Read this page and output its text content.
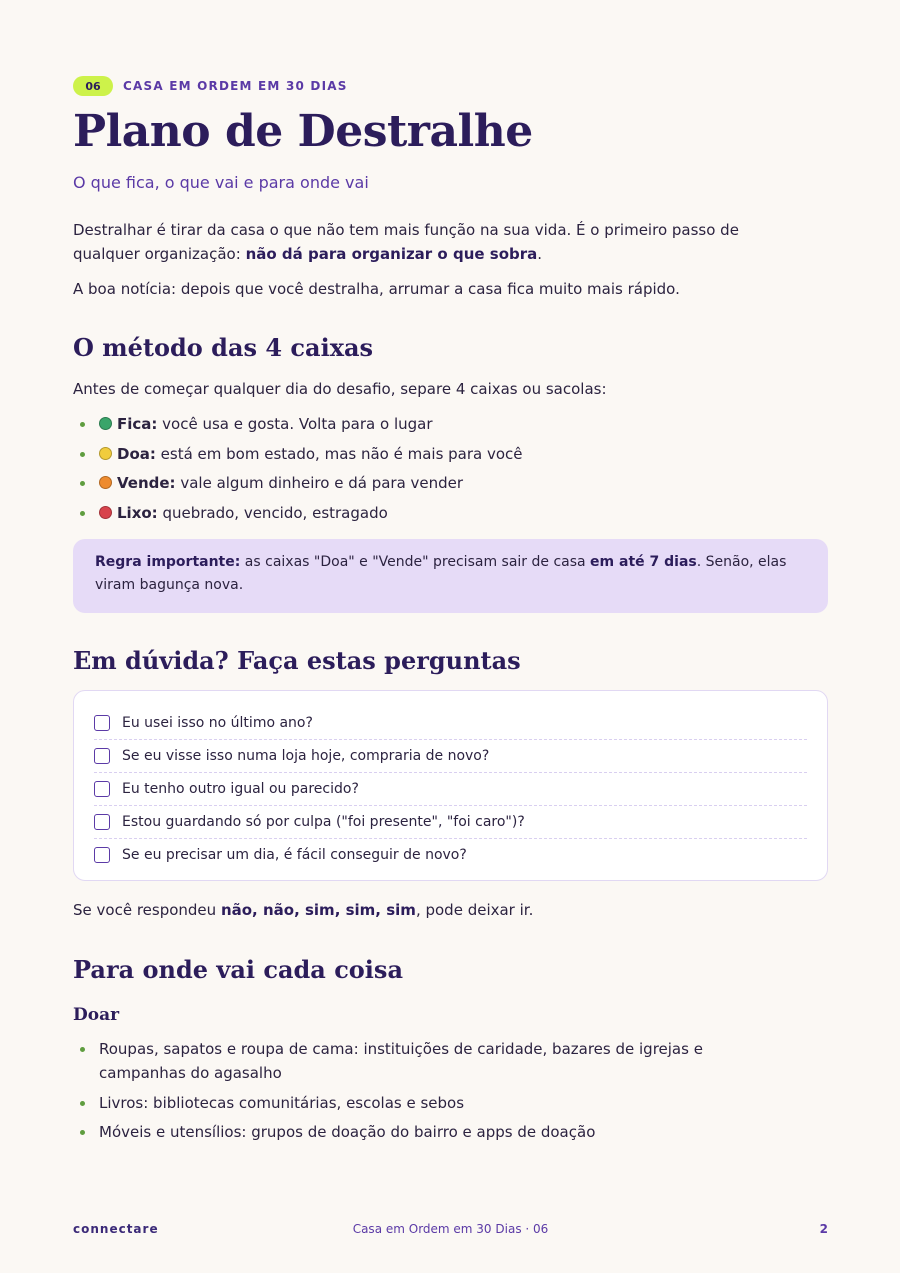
06	CASA EM ORDEM EM 30 DIAS
Plano de Destralhe
O que fica, o que vai e para onde vai
Destralhar é tirar da casa o que não tem mais função na sua vida. É o primeiro passo de qualquer organização: não dá para organizar o que sobra.
A boa notícia: depois que você destralha, arrumar a casa fica muito mais rápido.
O método das 4 caixas
Antes de começar qualquer dia do desafio, separe 4 caixas ou sacolas:
Fica: você usa e gosta. Volta para o lugar
Doa: está em bom estado, mas não é mais para você
Vende: vale algum dinheiro e dá para vender
Lixo: quebrado, vencido, estragado
Regra importante: as caixas "Doa" e "Vende" precisam sair de casa em até 7 dias. Senão, elas viram bagunça nova.
Em dúvida? Faça estas perguntas
Eu usei isso no último ano?
Se eu visse isso numa loja hoje, compraria de novo?
Eu tenho outro igual ou parecido?
Estou guardando só por culpa ("foi presente", "foi caro")?
Se eu precisar um dia, é fácil conseguir de novo?
Se você respondeu não, não, sim, sim, sim, pode deixar ir.
Para onde vai cada coisa
Doar
Roupas, sapatos e roupa de cama: instituições de caridade, bazares de igrejas e campanhas do agasalho
Livros: bibliotecas comunitárias, escolas e sebos
Móveis e utensílios: grupos de doação do bairro e apps de doação
connectare	Casa em Ordem em 30 Dias · 06	2
